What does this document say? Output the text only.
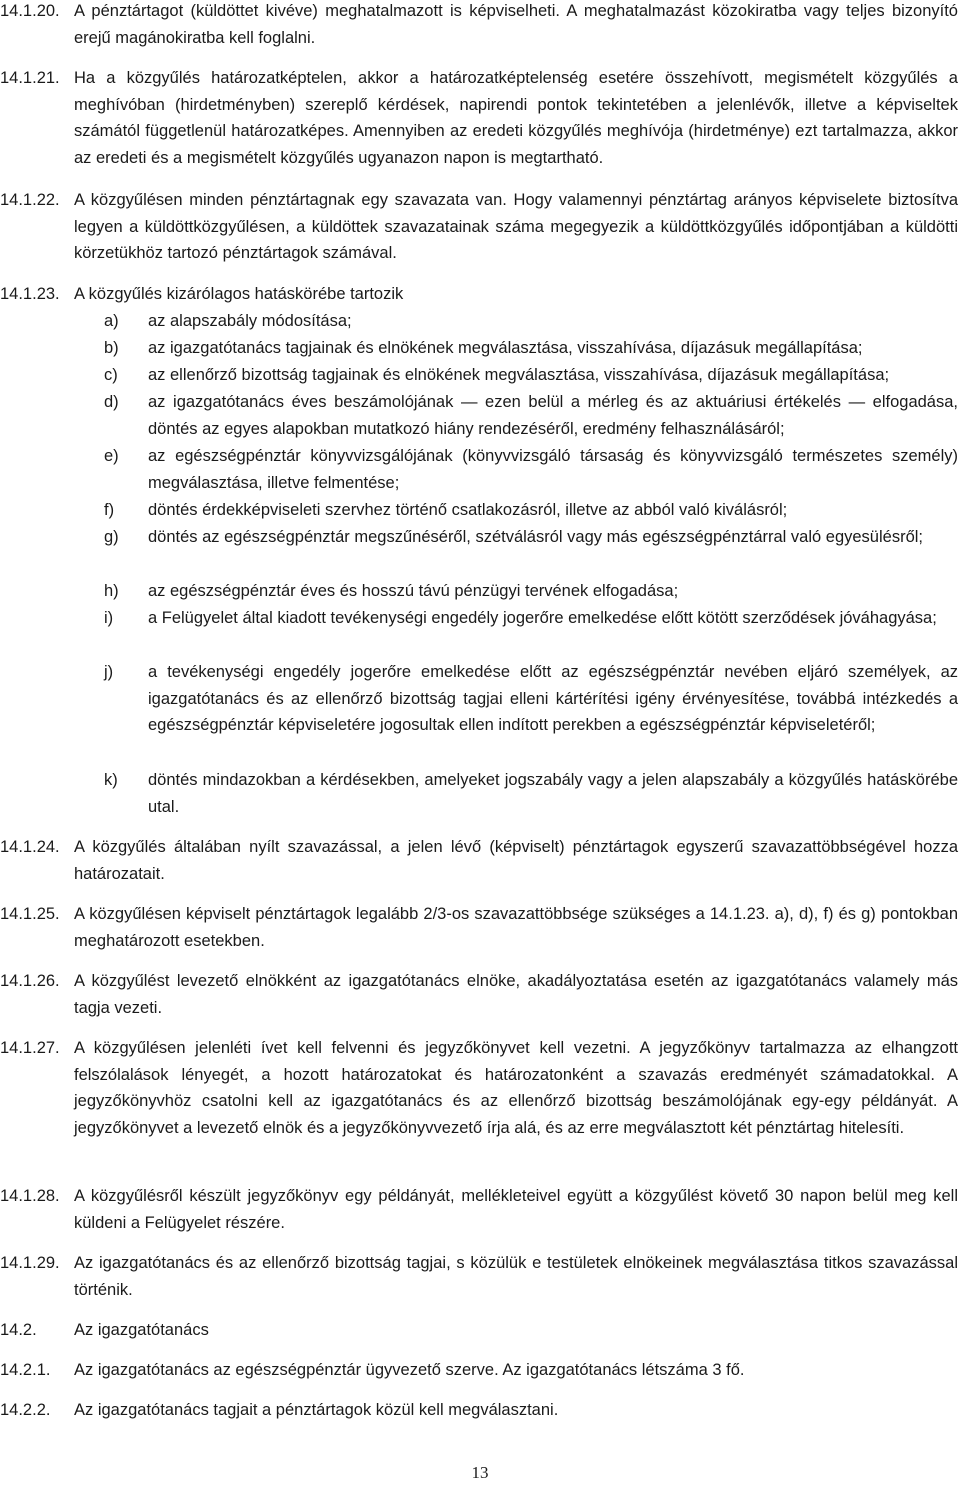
14.1.20. A pénztártagot (küldöttet kivéve) meghatalmazott is képviselheti. A meghatalmazást közokiratba vagy teljes bizonyító erejű magánokiratba kell foglalni.
14.1.21. Ha a közgyűlés határozatképtelen, akkor a határozatképtelenség esetére összehívott, megismételt közgyűlés a meghívóban (hirdetményben) szereplő kérdések, napirendi pontok tekintetében a jelenlévők, illetve a képviseltek számától függetlenül határozatképes. Amennyiben az eredeti közgyűlés meghívója (hirdetménye) ezt tartalmazza, akkor az eredeti és a megismételt közgyűlés ugyanazon napon is megtartható.
14.1.22. A közgyűlésen minden pénztártagnak egy szavazata van. Hogy valamennyi pénztártag arányos képviselete biztosítva legyen a küldöttközgyűlésen, a küldöttek szavazatainak száma megegyezik a küldöttközgyűlés időpontjában a küldötti körzetükhöz tartozó pénztártagok számával.
14.1.23. A közgyűlés kizárólagos hatáskörébe tartozik
a) az alapszabály módosítása;
b) az igazgatótanács tagjainak és elnökének megválasztása, visszahívása, díjazásuk megállapítása;
c) az ellenőrző bizottság tagjainak és elnökének megválasztása, visszahívása, díjazásuk megállapítása;
d) az igazgatótanács éves beszámolójának — ezen belül a mérleg és az aktuáriusi értékelés — elfogadása, döntés az egyes alapokban mutatkozó hiány rendezéséről, eredmény felhasználásáról;
e) az egészségpénztár könyvvizsgálójának (könyvvizsgáló társaság és könyvvizsgáló természetes személy) megválasztása, illetve felmentése;
f) döntés érdekképviseleti szervhez történő csatlakozásról, illetve az abból való kiválásról;
g) döntés az egészségpénztár megszűnéséről, szétválásról vagy más egészségpénztárral való egyesülésről;
h) az egészségpénztár éves és hosszú távú pénzügyi tervének elfogadása;
i) a Felügyelet által kiadott tevékenységi engedély jogerőre emelkedése előtt kötött szerződések jóváhagyása;
j) a tevékenységi engedély jogerőre emelkedése előtt az egészségpénztár nevében eljáró személyek, az igazgatótanács és az ellenőrző bizottság tagjai elleni kártérítési igény érvényesítése, továbbá intézkedés a egészségpénztár képviseletére jogosultak ellen indított perekben a egészségpénztár képviseletéről;
k) döntés mindazokban a kérdésekben, amelyeket jogszabály vagy a jelen alapszabály a közgyűlés hatáskörébe utal.
14.1.24. A közgyűlés általában nyílt szavazással, a jelen lévő (képviselt) pénztártagok egyszerű szavazattöbbségével hozza határozatait.
14.1.25. A közgyűlésen képviselt pénztártagok legalább 2/3-os szavazattöbbsége szükséges a 14.1.23. a), d), f) és g) pontokban meghatározott esetekben.
14.1.26. A közgyűlést levezető elnökként az igazgatótanács elnöke, akadályoztatása esetén az igazgatótanács valamely más tagja vezeti.
14.1.27. A közgyűlésen jelenléti ívet kell felvenni és jegyzőkönyvet kell vezetni. A jegyzőkönyv tartalmazza az elhangzott felszólalások lényegét, a hozott határozatokat és határozatonként a szavazás eredményét számadatokkal. A jegyzőkönyvhöz csatolni kell az igazgatótanács és az ellenőrző bizottság beszámolójának egy-egy példányát. A jegyzőkönyvet a levezető elnök és a jegyzőkönyvvezető írja alá, és az erre megválasztott két pénztártag hitelesíti.
14.1.28. A közgyűlésről készült jegyzőkönyv egy példányát, mellékleteivel együtt a közgyűlést követő 30 napon belül meg kell küldeni a Felügyelet részére.
14.1.29. Az igazgatótanács és az ellenőrző bizottság tagjai, s közülük e testületek elnökeinek megválasztása titkos szavazással történik.
14.2. Az igazgatótanács
14.2.1. Az igazgatótanács az egészségpénztár ügyvezető szerve. Az igazgatótanács létszáma 3 fő.
14.2.2. Az igazgatótanács tagjait a pénztártagok közül kell megválasztani.
13
